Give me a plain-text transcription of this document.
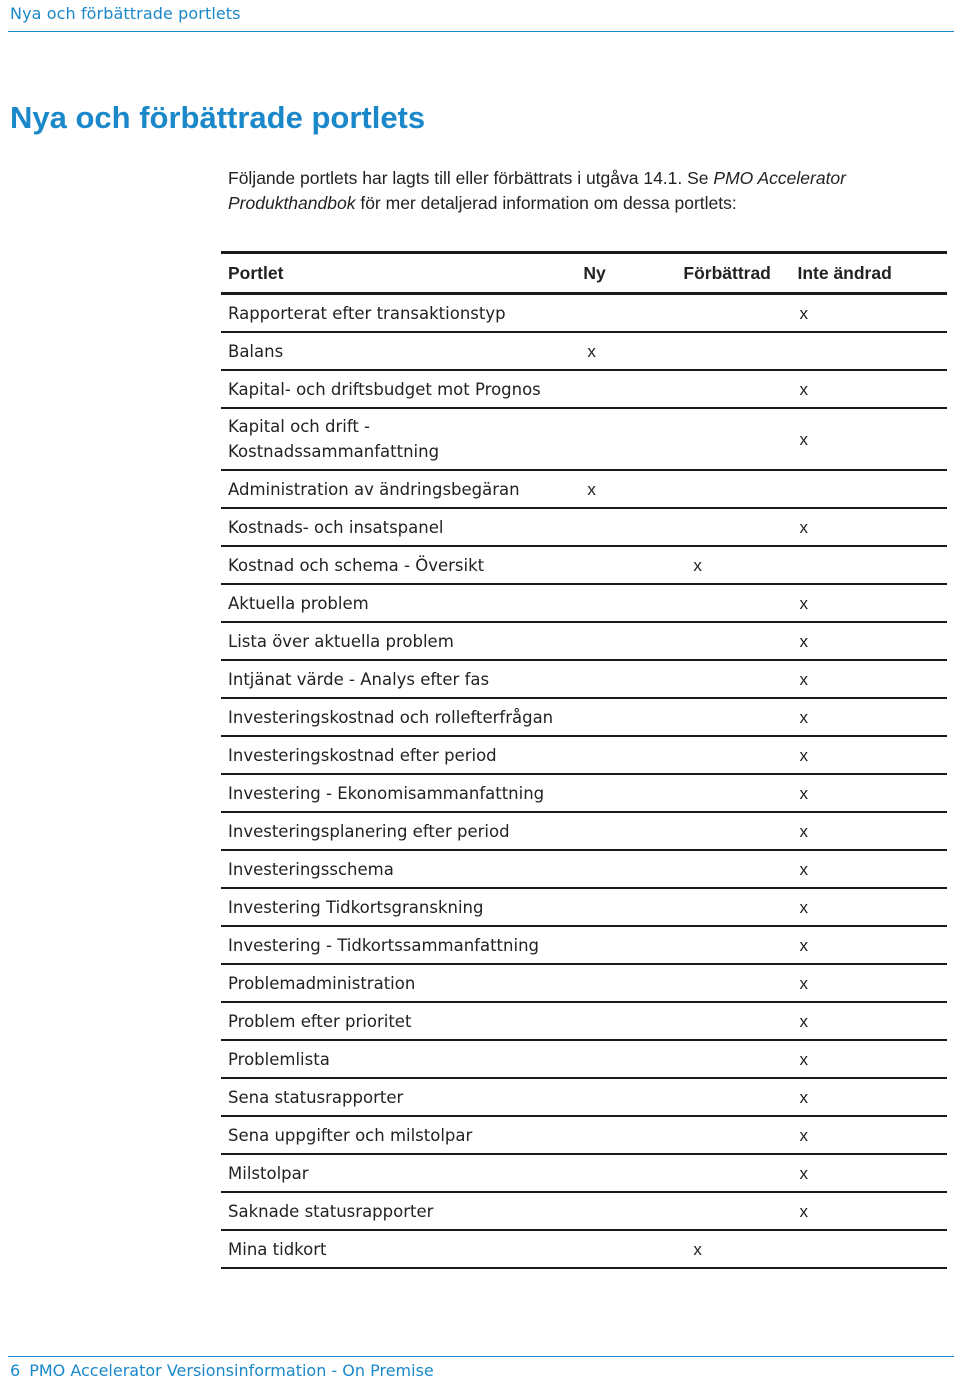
Nya och förbättrade portlets
Nya och förbättrade portlets

Följande portlets har lagts till eller förbättrats i utgåva 14.1. Se PMO Accelerator Produkthandbok för mer detaljerad information om dessa portlets:

Portlet	Ny	Förbättrad	Inte ändrad
Rapporterat efter transaktionstyp			x
Balans	x		
Kapital- och driftsbudget mot Prognos			x
Kapital och drift - Kostnadssammanfattning			x
Administration av ändringsbegäran	x		
Kostnads- och insatspanel			x
Kostnad och schema - Översikt		x	
Aktuella problem			x
Lista över aktuella problem			x
Intjänat värde - Analys efter fas			x
Investeringskostnad och rollefterfrågan			x
Investeringskostnad efter period			x
Investering - Ekonomisammanfattning			x
Investeringsplanering efter period			x
Investeringsschema			x
Investering Tidkortsgranskning			x
Investering - Tidkortssammanfattning			x
Problemadministration			x
Problem efter prioritet			x
Problemlista			x
Sena statusrapporter			x
Sena uppgifter och milstolpar			x
Milstolpar			x
Saknade statusrapporter			x
Mina tidkort		x	
6 PMO Accelerator Versionsinformation - On Premise
